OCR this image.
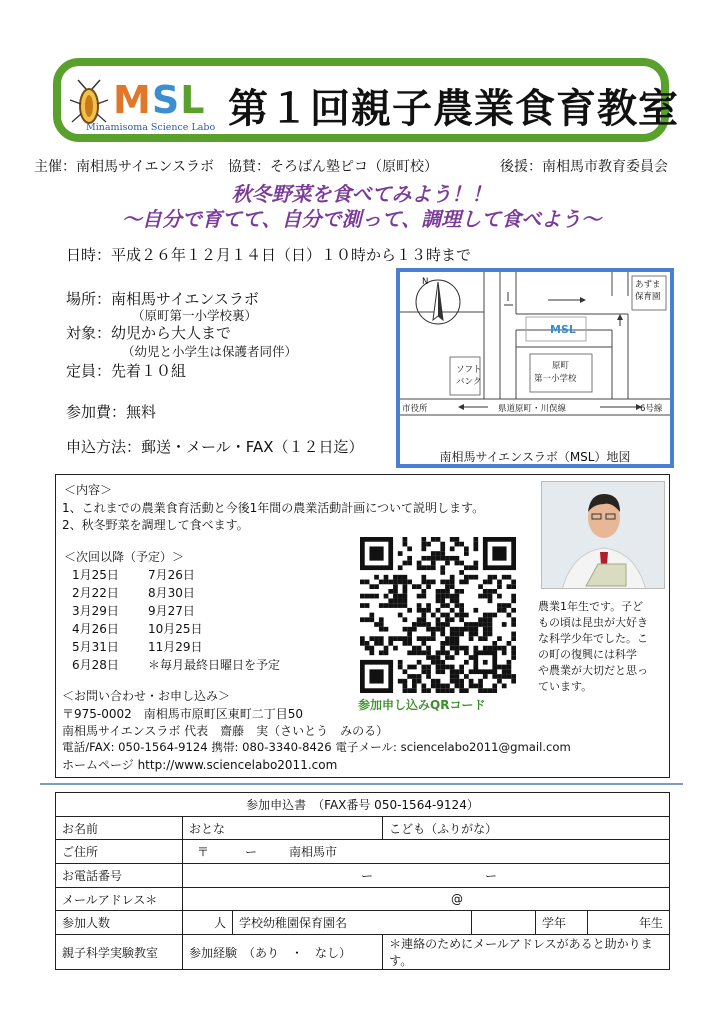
MSL
Minamisoma Science Labo 第１回親子農業食育教室
主催：南相馬サイエンスラボ　協賛：そろばん塾ピコ（原町校）	後援：南相馬市教育委員会
秋冬野菜を食べてみよう！！
〜自分で育てて、自分で測って、調理して食べよう〜
日時：平成２６年１２月１４日（日）１０時から１３時まで
場所：南相馬サイエンスラボ
（原町第一小学校裏）
対象：幼児から大人まで
（幼児と小学生は保護者同伴）
定員：先着１０組
参加費：無料
申込方法：郵送・メール・FAX（１２日迄）
N	あずま
保育園
MSL
ソフト
バンク
原町
第一小学校
市役所	県道原町・川俣線	6号線
南相馬サイエンスラボ（MSL）地図
＜内容＞
1、これまでの農業食育活動と今後1年間の農業活動計画について説明します。
2、秋冬野菜を調理して食べます。
＜次回以降（予定）＞
1月25日 7月26日
2月22日 8月30日
3月29日 9月27日
4月26日 10月25日
5月31日 11月29日
6月28日 ＊毎月最終日曜日を予定
農業1年生です。子ど
もの頃は昆虫が大好き
な科学少年でした。こ
の町の復興には科学
や農業が大切だと思っ
ています。
参加申し込みQRコード
＜お問い合わせ・お申し込み＞
〒975-0002　南相馬市原町区東町二丁目50
南相馬サイエンスラボ 代表　齋藤　実（さいとう　みのる）
電話/FAX: 050-1564-9124 携帯: 080-3340-8426 電子メール: sciencelabo2011@gmail.com
ホームページ http://www.sciencelabo2011.com
参加申込書　（FAX番号 050-1564-9124）						
お名前	おとな		こども（ふりがな）			
ご住所	〒　　　ー 南相馬市					
お電話番号	ー ー					
メールアドレス＊	@					
参加人数	人	学校幼稚園保育園名			学年	年生
親子科学実験教室	参加経験　（あり　・　なし）		＊連絡のためにメールアドレスがあると助かります。			
